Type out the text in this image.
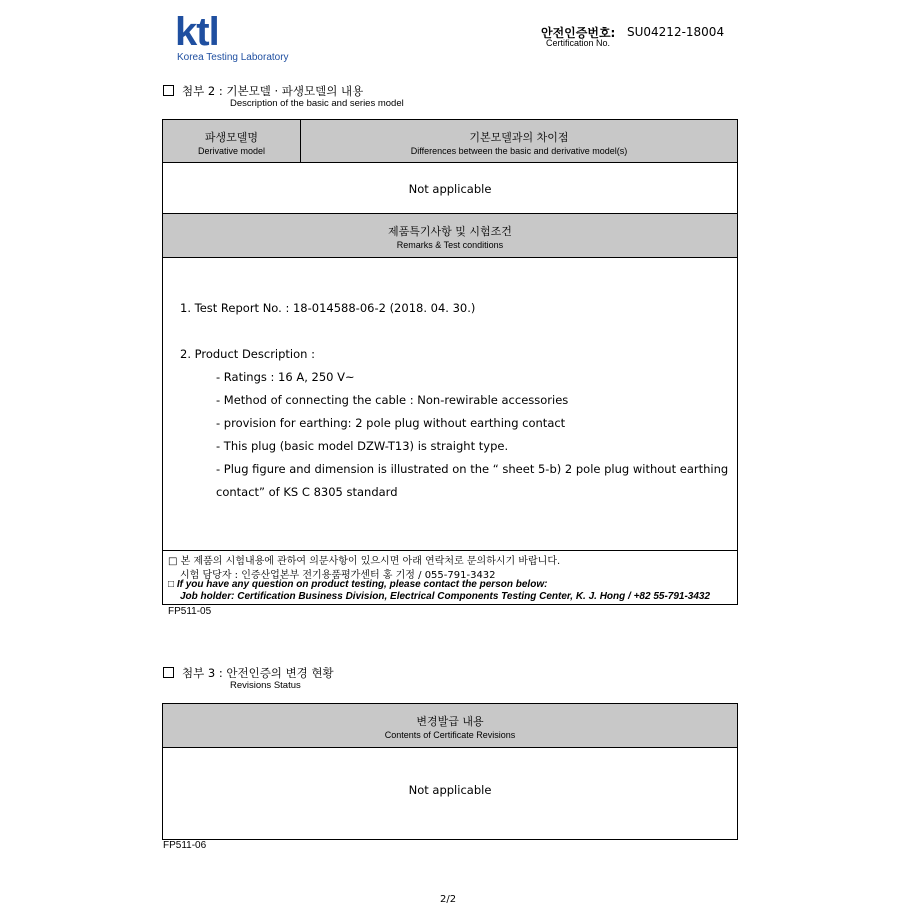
ktl
Korea Testing Laboratory
안전인증번호:
Certification No.
SU04212-18004
첨부 2 : 기본모델 · 파생모델의 내용
Description of the basic and series model
파생모델명
Derivative model
기본모델과의 차이점
Differences between the basic and derivative model(s)
Not applicable
제품특기사항 및 시험조건
Remarks & Test conditions
1. Test Report No. : 18-014588-06-2 (2018. 04. 30.)
2. Product Description :
- Ratings : 16 A, 250 V~
- Method of connecting the cable : Non-rewirable accessories
- provision for earthing: 2 pole plug without earthing contact
- This plug (basic model DZW-T13) is straight type.
- Plug figure and dimension is illustrated on the “ sheet 5-b) 2 pole plug without earthing
contact” of KS C 8305 standard
□ 본 제품의 시험내용에 관하여 의문사항이 있으시면 아래 연락처로 문의하시기 바랍니다.
시험 담당자 : 인증산업본부 전기용품평가센터 홍 기정 / 055-791-3432
□ If you have any question on product testing, please contact the person below:
Job holder: Certification Business Division, Electrical Components Testing Center, K. J. Hong / +82 55-791-3432
FP511-05
첨부 3 : 안전인증의 변경 현황
Revisions Status
변경발급 내용
Contents of Certificate Revisions
Not applicable
FP511-06
2/2
